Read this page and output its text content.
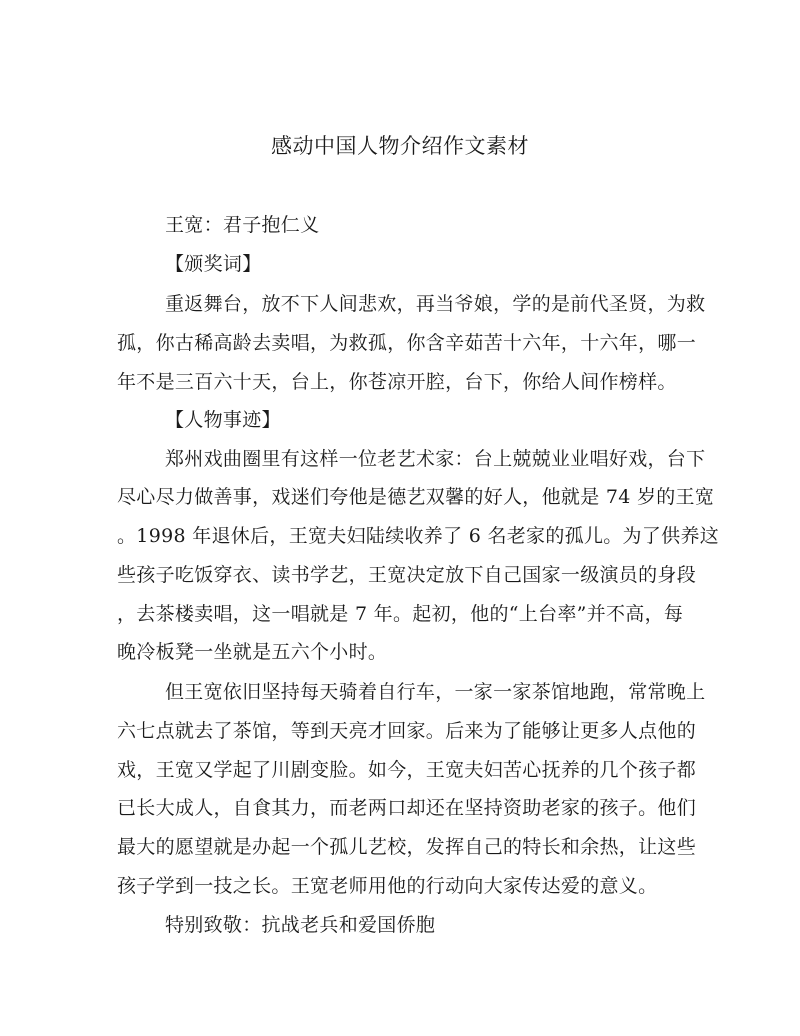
感动中国人物介绍作文素材
王宽：君子抱仁义
【颁奖词】
重返舞台，放不下人间悲欢，再当爷娘，学的是前代圣贤，为救
孤，你古稀高龄去卖唱，为救孤，你含辛茹苦十六年，十六年，哪一
年不是三百六十天，台上，你苍凉开腔，台下，你给人间作榜样。
【人物事迹】
郑州戏曲圈里有这样一位老艺术家：台上兢兢业业唱好戏，台下
尽心尽力做善事，戏迷们夸他是德艺双馨的好人，他就是 74 岁的王宽
。1998 年退休后，王宽夫妇陆续收养了 6 名老家的孤儿。为了供养这
些孩子吃饭穿衣、读书学艺，王宽决定放下自己国家一级演员的身段
，去茶楼卖唱，这一唱就是 7 年。起初，他的“上台率”并不高，每
晚冷板凳一坐就是五六个小时。
但王宽依旧坚持每天骑着自行车，一家一家茶馆地跑，常常晚上
六七点就去了茶馆，等到天亮才回家。后来为了能够让更多人点他的
戏，王宽又学起了川剧变脸。如今，王宽夫妇苦心抚养的几个孩子都
已长大成人，自食其力，而老两口却还在坚持资助老家的孩子。他们
最大的愿望就是办起一个孤儿艺校，发挥自己的特长和余热，让这些
孩子学到一技之长。王宽老师用他的行动向大家传达爱的意义。
特别致敬：抗战老兵和爱国侨胞
